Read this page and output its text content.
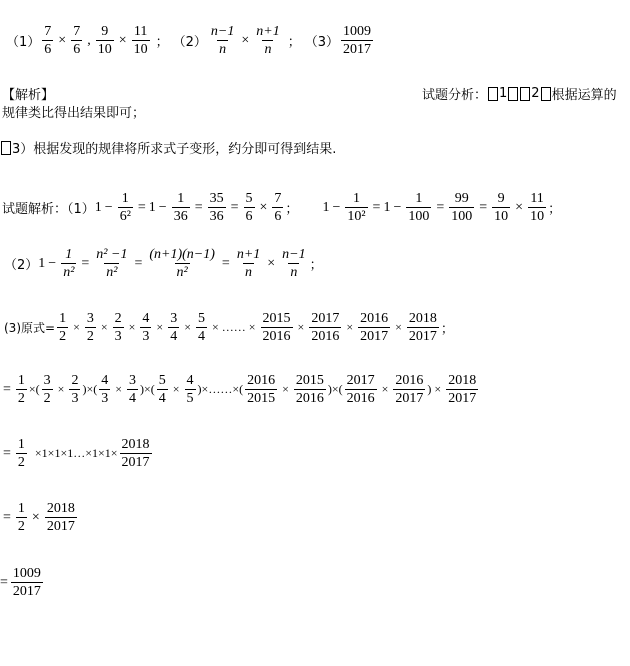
$(1) \frac{7}{6} \times \frac{7}{6}$ , $\frac{9}{10} \times \frac{11}{10}$ ； $(2) \frac{n-1}{n} \times \frac{n+1}{n}$ ； $(3) \frac{1009}{2017}$
【解析】	试题分析： 1 2 根据运算的
规律类比得出结果即可；
3）根据发现的规律将所求式子变形，约分即可得到结果.
试题解析：（1） $1 - \frac{1}{\text{6²}} = 1 - \frac{1}{36} = \frac{35}{36} = \frac{5}{6} \times \frac{7}{6}$ ； $1 - \frac{1}{\text{10²}} = 1 - \frac{1}{100} = \frac{99}{100} = \frac{9}{10} \times \frac{11}{10}$ ；
（2） $1 - \frac{1}{\text{n²}} = \frac{\text{n² −1}}{\text{n²}} = \frac{(n+1)(n-1)}{\text{n²}} = \frac{n+1}{n} \times \frac{n-1}{n}$ ；
(3)原式= $\frac{1}{2} \times \frac{3}{2} \times \frac{2}{3} \times \frac{4}{3} \times \frac{3}{4} \times \frac{5}{4}$ × …… × $\frac{2015}{2016} \times \frac{2017}{2016} \times \frac{2016}{2017} \times \frac{2018}{2017}$ ；
= $\frac{1}{2}$ ×( $\frac{3}{2} \times \frac{2}{3}$ ) ×( $\frac{4}{3} \times \frac{3}{4}$ ) ×( $\frac{5}{4} \times \frac{4}{5}$ ) ×…… ×( $\frac{2016}{2015} \times \frac{2015}{2016}$ ) ×( $\frac{2017}{2016} \times \frac{2016}{2017}$ ) × $\frac{2018}{2017}$
= $\frac{1}{2}$ ×1×1×1…×1×1× $\frac{2018}{2017}$
= $\frac{1}{2} \times \frac{2018}{2017}$
= $\frac{1009}{2017}$
